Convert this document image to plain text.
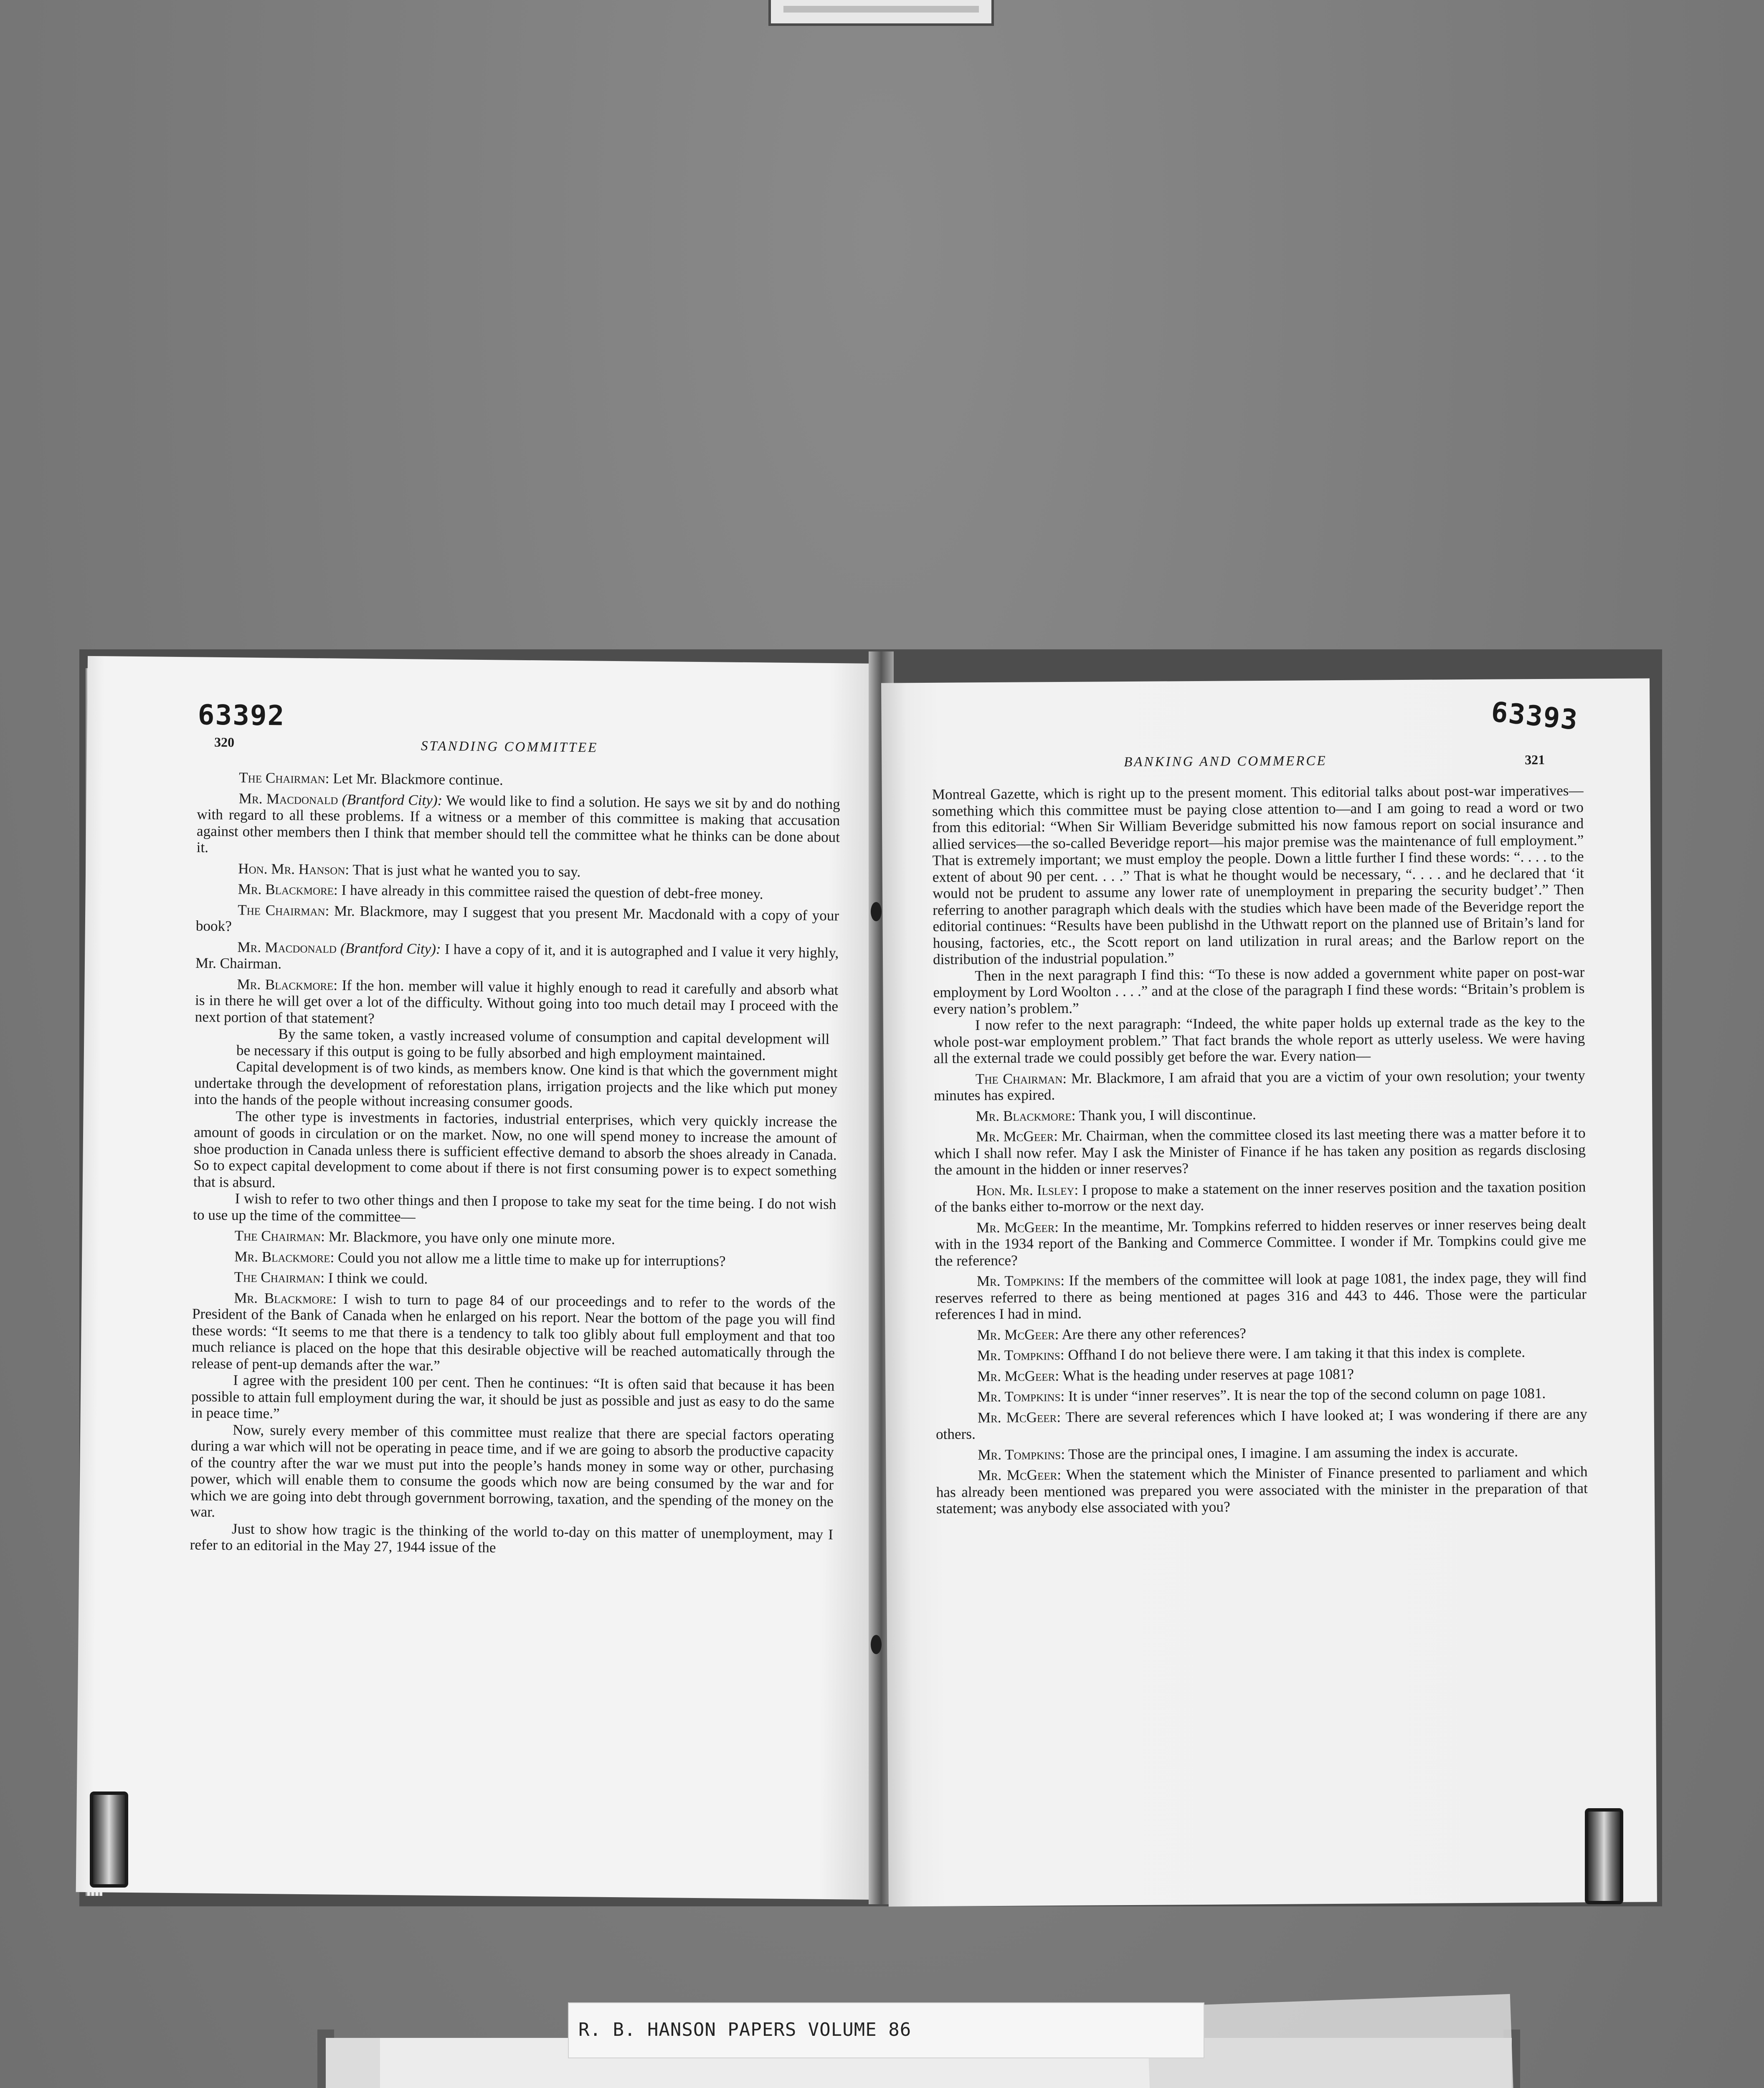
63392
320	STANDING COMMITTEE

The Chairman: Let Mr. Blackmore continue.

Mr. Macdonald (Brantford City): We would like to find a solution. He says we sit by and do nothing with regard to all these problems. If a witness or a member of this committee is making that accusation against other members then I think that member should tell the committee what he thinks can be done about it.

Hon. Mr. Hanson: That is just what he wanted you to say.

Mr. Blackmore: I have already in this committee raised the question of debt-free money.

The Chairman: Mr. Blackmore, may I suggest that you present Mr. Macdonald with a copy of your book?

Mr. Macdonald (Brantford City): I have a copy of it, and it is autographed and I value it very highly, Mr. Chairman.

Mr. Blackmore: If the hon. member will value it highly enough to read it carefully and absorb what is in there he will get over a lot of the difficulty. Without going into too much detail may I proceed with the next portion of that statement?

By the same token, a vastly increased volume of consumption and capital development will be necessary if this output is going to be fully absorbed and high employment maintained.

Capital development is of two kinds, as members know. One kind is that which the government might undertake through the development of reforestation plans, irrigation projects and the like which put money into the hands of the people without increasing consumer goods.

The other type is investments in factories, industrial enterprises, which very quickly increase the amount of goods in circulation or on the market. Now, no one will spend money to increase the amount of shoe production in Canada unless there is sufficient effective demand to absorb the shoes already in Canada. So to expect capital development to come about if there is not first consuming power is to expect something that is absurd.

I wish to refer to two other things and then I propose to take my seat for the time being. I do not wish to use up the time of the committee—

The Chairman: Mr. Blackmore, you have only one minute more.

Mr. Blackmore: Could you not allow me a little time to make up for interruptions?

The Chairman: I think we could.

Mr. Blackmore: I wish to turn to page 84 of our proceedings and to refer to the words of the President of the Bank of Canada when he enlarged on his report. Near the bottom of the page you will find these words: “It seems to me that there is a tendency to talk too glibly about full employment and that too much reliance is placed on the hope that this desirable objective will be reached automatically through the release of pent-up demands after the war.”

I agree with the president 100 per cent. Then he continues: “It is often said that because it has been possible to attain full employment during the war, it should be just as possible and just as easy to do the same in peace time.”

Now, surely every member of this committee must realize that there are special factors operating during a war which will not be operating in peace time, and if we are going to absorb the productive capacity of the country after the war we must put into the people’s hands money in some way or other, purchasing power, which will enable them to consume the goods which now are being consumed by the war and for which we are going into debt through government borrowing, taxation, and the spending of the money on the war.

Just to show how tragic is the thinking of the world to-day on this matter of unemployment, may I refer to an editorial in the May 27, 1944 issue of the

63393
BANKING AND COMMERCE	321

Montreal Gazette, which is right up to the present moment. This editorial talks about post-war imperatives—something which this committee must be paying close attention to—and I am going to read a word or two from this editorial: “When Sir William Beveridge submitted his now famous report on social insurance and allied services—the so-called Beveridge report—his major premise was the maintenance of full employment.” That is extremely important; we must employ the people. Down a little further I find these words: “. . . . to the extent of about 90 per cent. . . .” That is what he thought would be necessary, “. . . . and he declared that ‘it would not be prudent to assume any lower rate of unemployment in preparing the security budget’.” Then referring to another paragraph which deals with the studies which have been made of the Beveridge report the editorial continues: “Results have been publishd in the Uthwatt report on the planned use of Britain’s land for housing, factories, etc., the Scott report on land utilization in rural areas; and the Barlow report on the distribution of the industrial population.”

Then in the next paragraph I find this: “To these is now added a government white paper on post-war employment by Lord Woolton . . . .” and at the close of the paragraph I find these words: “Britain’s problem is every nation’s problem.”

I now refer to the next paragraph: “Indeed, the white paper holds up external trade as the key to the whole post-war employment problem.” That fact brands the whole report as utterly useless. We were having all the external trade we could possibly get before the war. Every nation—

The Chairman: Mr. Blackmore, I am afraid that you are a victim of your own resolution; your twenty minutes has expired.

Mr. Blackmore: Thank you, I will discontinue.

Mr. McGeer: Mr. Chairman, when the committee closed its last meeting there was a matter before it to which I shall now refer. May I ask the Minister of Finance if he has taken any position as regards disclosing the amount in the hidden or inner reserves?

Hon. Mr. Ilsley: I propose to make a statement on the inner reserves position and the taxation position of the banks either to-morrow or the next day.

Mr. McGeer: In the meantime, Mr. Tompkins referred to hidden reserves or inner reserves being dealt with in the 1934 report of the Banking and Commerce Committee. I wonder if Mr. Tompkins could give me the reference?

Mr. Tompkins: If the members of the committee will look at page 1081, the index page, they will find reserves referred to there as being mentioned at pages 316 and 443 to 446. Those were the particular references I had in mind.

Mr. McGeer: Are there any other references?

Mr. Tompkins: Offhand I do not believe there were. I am taking it that this index is complete.

Mr. McGeer: What is the heading under reserves at page 1081?

Mr. Tompkins: It is under “inner reserves”. It is near the top of the second column on page 1081.

Mr. McGeer: There are several references which I have looked at; I was wondering if there are any others.

Mr. Tompkins: Those are the principal ones, I imagine. I am assuming the index is accurate.

Mr. McGeer: When the statement which the Minister of Finance presented to parliament and which has already been mentioned was prepared you were associated with the minister in the preparation of that statement; was anybody else associated with you?

R. B. HANSON PAPERS VOLUME 86
